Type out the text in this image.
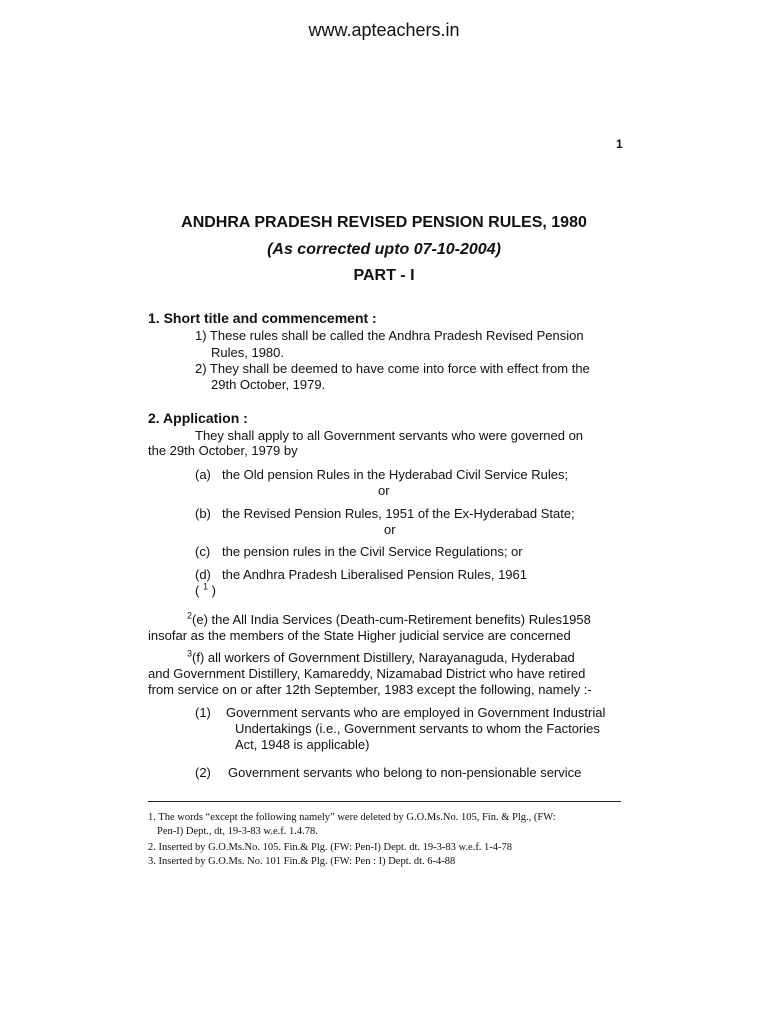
www.apteachers.in
1
ANDHRA PRADESH REVISED PENSION RULES, 1980
(As corrected upto 07-10-2004)
PART - I
1. Short title and commencement :
1) These rules shall be called the Andhra Pradesh Revised Pension
Rules, 1980.
2) They shall be deemed to have come into force with effect from the
29th October, 1979.
2. Application :
They shall apply to all Government servants who were governed on
the 29th October, 1979 by
(a) the Old pension Rules in the Hyderabad Civil Service Rules;
or
(b) the Revised Pension Rules, 1951 of the Ex-Hyderabad State;
or
(c) the pension rules in the Civil Service Regulations; or
(d) the Andhra Pradesh Liberalised Pension Rules, 1961
( $^1$ )
$^2$(e) the All India Services (Death-cum-Retirement benefits) Rules1958
insofar as the members of the State Higher judicial service are concerned
$^3$(f) all workers of Government Distillery, Narayanaguda, Hyderabad
and Government Distillery, Kamareddy, Nizamabad District who have retired
from service on or after 12th September, 1983 except the following, namely :-
(1) Government servants who are employed in Government Industrial
Undertakings (i.e., Government servants to whom the Factories
Act, 1948 is applicable)
(2) Government servants who belong to non-pensionable service
1. The words “except the following namely” were deleted by G.O.Ms.No. 105, Fin. & Plg., (FW:
Pen-I) Dept., dt, 19-3-83 w.e.f. 1.4.78.
2. Inserted by G.O.Ms.No. 105. Fin.& Plg. (FW: Pen-I) Dept. dt. 19-3-83 w.e.f. 1-4-78
3. Inserted by G.O.Ms. No. 101 Fin.& Plg. (FW: Pen : I) Dept. dt. 6-4-88
